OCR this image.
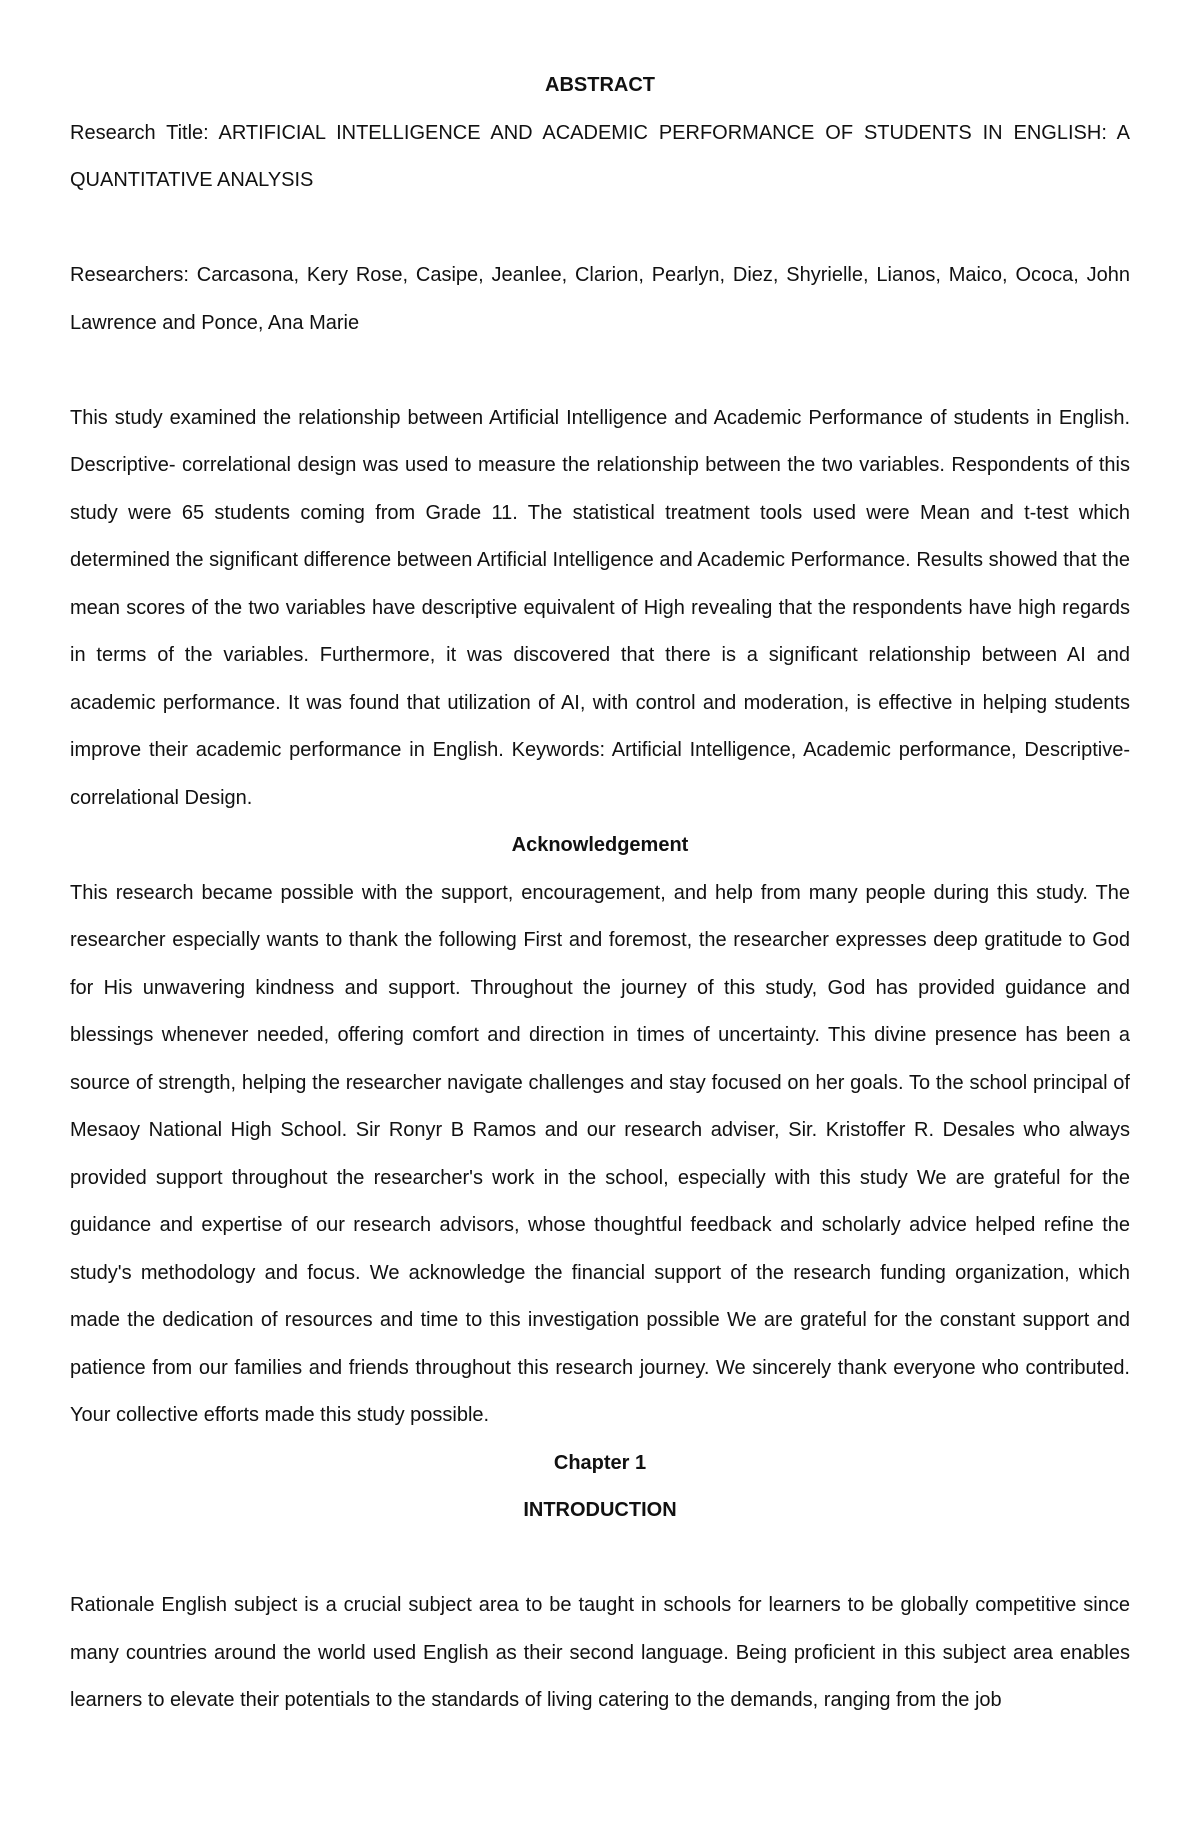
ABSTRACT

Research Title: ARTIFICIAL INTELLIGENCE AND ACADEMIC PERFORMANCE OF STUDENTS IN ENGLISH: A QUANTITATIVE ANALYSIS

Researchers: Carcasona, Kery Rose, Casipe, Jeanlee, Clarion, Pearlyn, Diez, Shyrielle, Lianos, Maico, Ococa, John Lawrence and Ponce, Ana Marie

This study examined the relationship between Artificial Intelligence and Academic Performance of students in English. Descriptive- correlational design was used to measure the relationship between the two variables. Respondents of this study were 65 students coming from Grade 11. The statistical treatment tools used were Mean and t-test which determined the significant difference between Artificial Intelligence and Academic Performance. Results showed that the mean scores of the two variables have descriptive equivalent of High revealing that the respondents have high regards in terms of the variables. Furthermore, it was discovered that there is a significant relationship between AI and academic performance. It was found that utilization of AI, with control and moderation, is effective in helping students improve their academic performance in English. Keywords: Artificial Intelligence, Academic performance, Descriptive-correlational Design.

Acknowledgement

This research became possible with the support, encouragement, and help from many people during this study. The researcher especially wants to thank the following First and foremost, the researcher expresses deep gratitude to God for His unwavering kindness and support. Throughout the journey of this study, God has provided guidance and blessings whenever needed, offering comfort and direction in times of uncertainty. This divine presence has been a source of strength, helping the researcher navigate challenges and stay focused on her goals. To the school principal of Mesaoy National High School. Sir Ronyr B Ramos and our research adviser, Sir. Kristoffer R. Desales who always provided support throughout the researcher's work in the school, especially with this study We are grateful for the guidance and expertise of our research advisors, whose thoughtful feedback and scholarly advice helped refine the study's methodology and focus. We acknowledge the financial support of the research funding organization, which made the dedication of resources and time to this investigation possible We are grateful for the constant support and patience from our families and friends throughout this research journey. We sincerely thank everyone who contributed. Your collective efforts made this study possible.

Chapter 1

INTRODUCTION

Rationale English subject is a crucial subject area to be taught in schools for learners to be globally competitive since many countries around the world used English as their second language. Being proficient in this subject area enables learners to elevate their potentials to the standards of living catering to the demands, ranging from the job
